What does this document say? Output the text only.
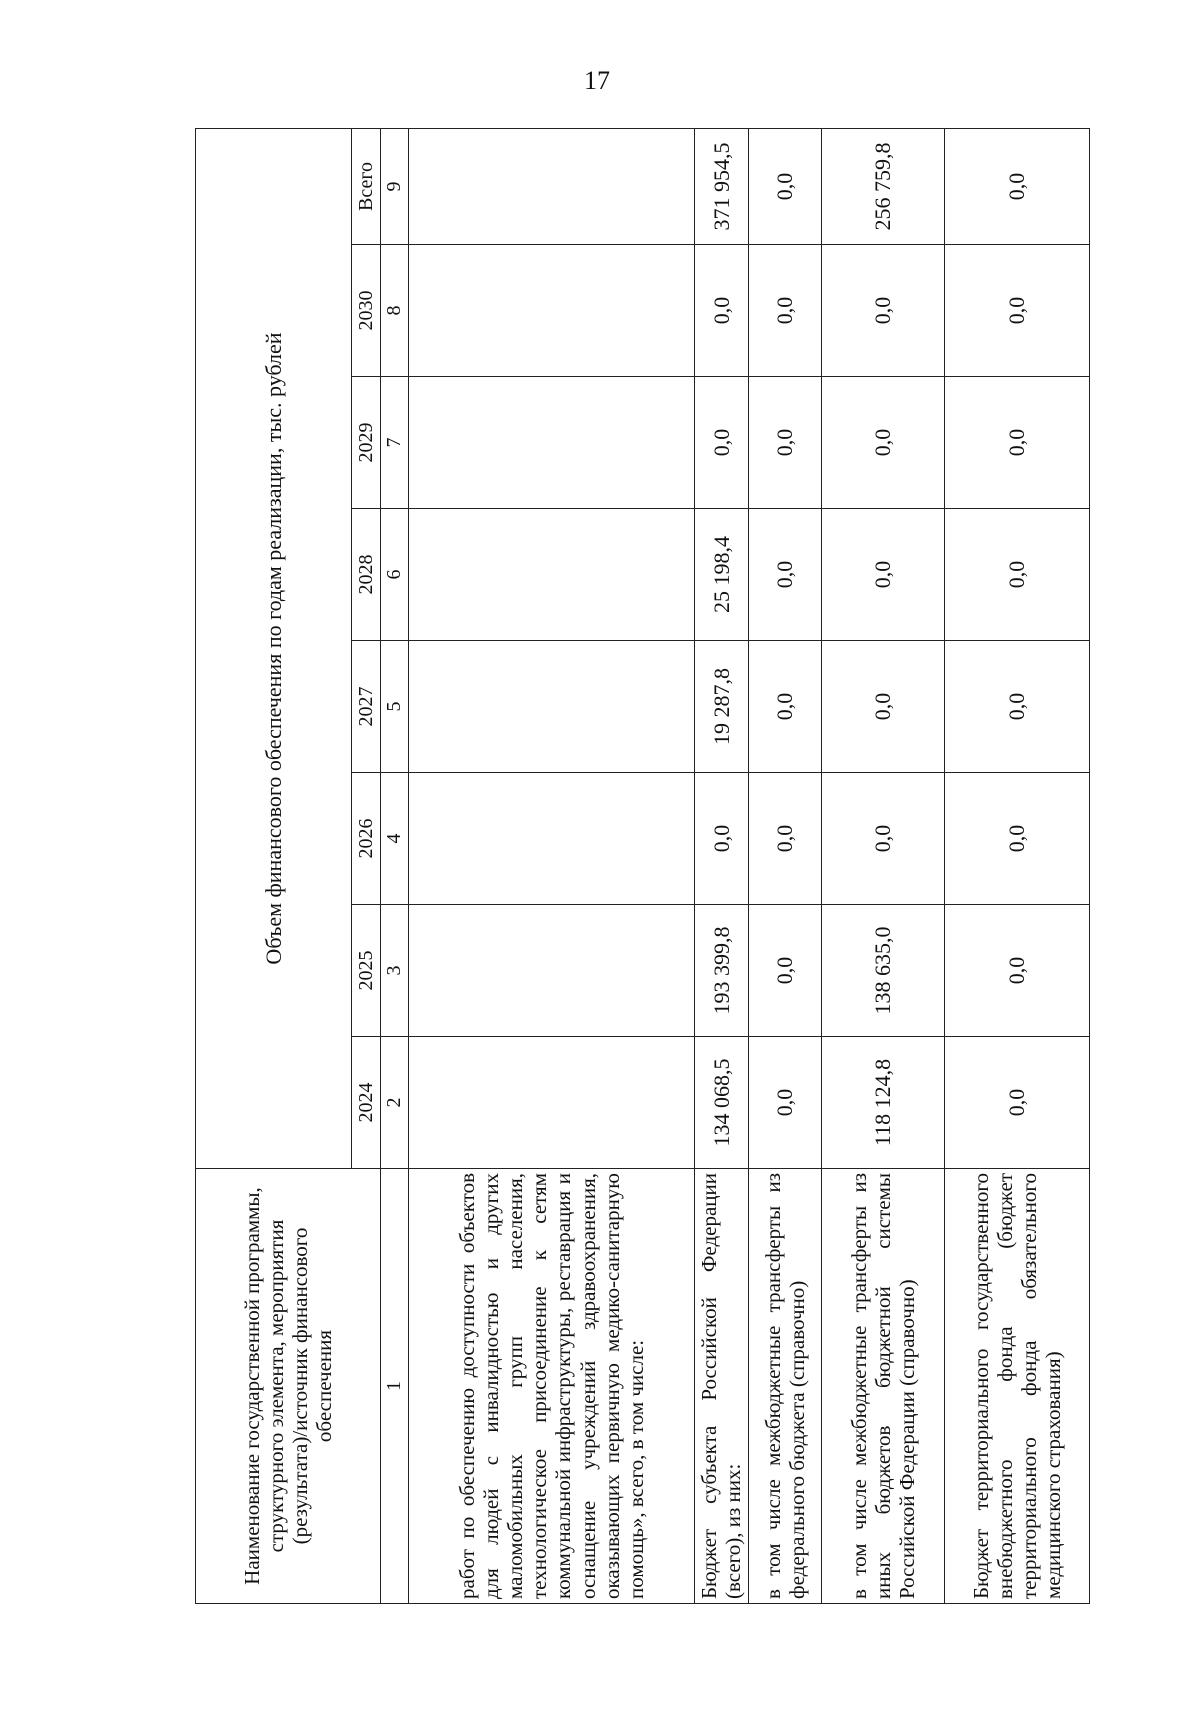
17
Наименование государственной программы, структурного элемента, мероприятия (результата)/источник финансового обеспечения	Объем финансового обеспечения по годам реализации, тыс. рублей							
	2024	2025	2026	2027	2028	2029	2030	Всего
1	2	3	4	5	6	7	8	9
работ по обеспечению доступности объектов для людей с инвалидностью и других маломобильных групп населения, технологическое присоединение к сетям коммунальной инфраструктуры, реставрация и оснащение учреждений здравоохранения, оказывающих первичную медико-санитарную помощь», всего, в том числе:								
Бюджет субъекта Российской Федерации (всего), из них:	134 068,5	193 399,8	0,0	19 287,8	25 198,4	0,0	0,0	371 954,5
в том числе межбюджетные трансферты из федерального бюджета (справочно)	0,0	0,0	0,0	0,0	0,0	0,0	0,0	0,0
в том числе межбюджетные трансферты из иных бюджетов бюджетной системы Российской Федерации (справочно)	118 124,8	138 635,0	0,0	0,0	0,0	0,0	0,0	256 759,8
Бюджет территориального государственного внебюджетного фонда (бюджет территориального фонда обязательного медицинского страхования)	0,0	0,0	0,0	0,0	0,0	0,0	0,0	0,0
